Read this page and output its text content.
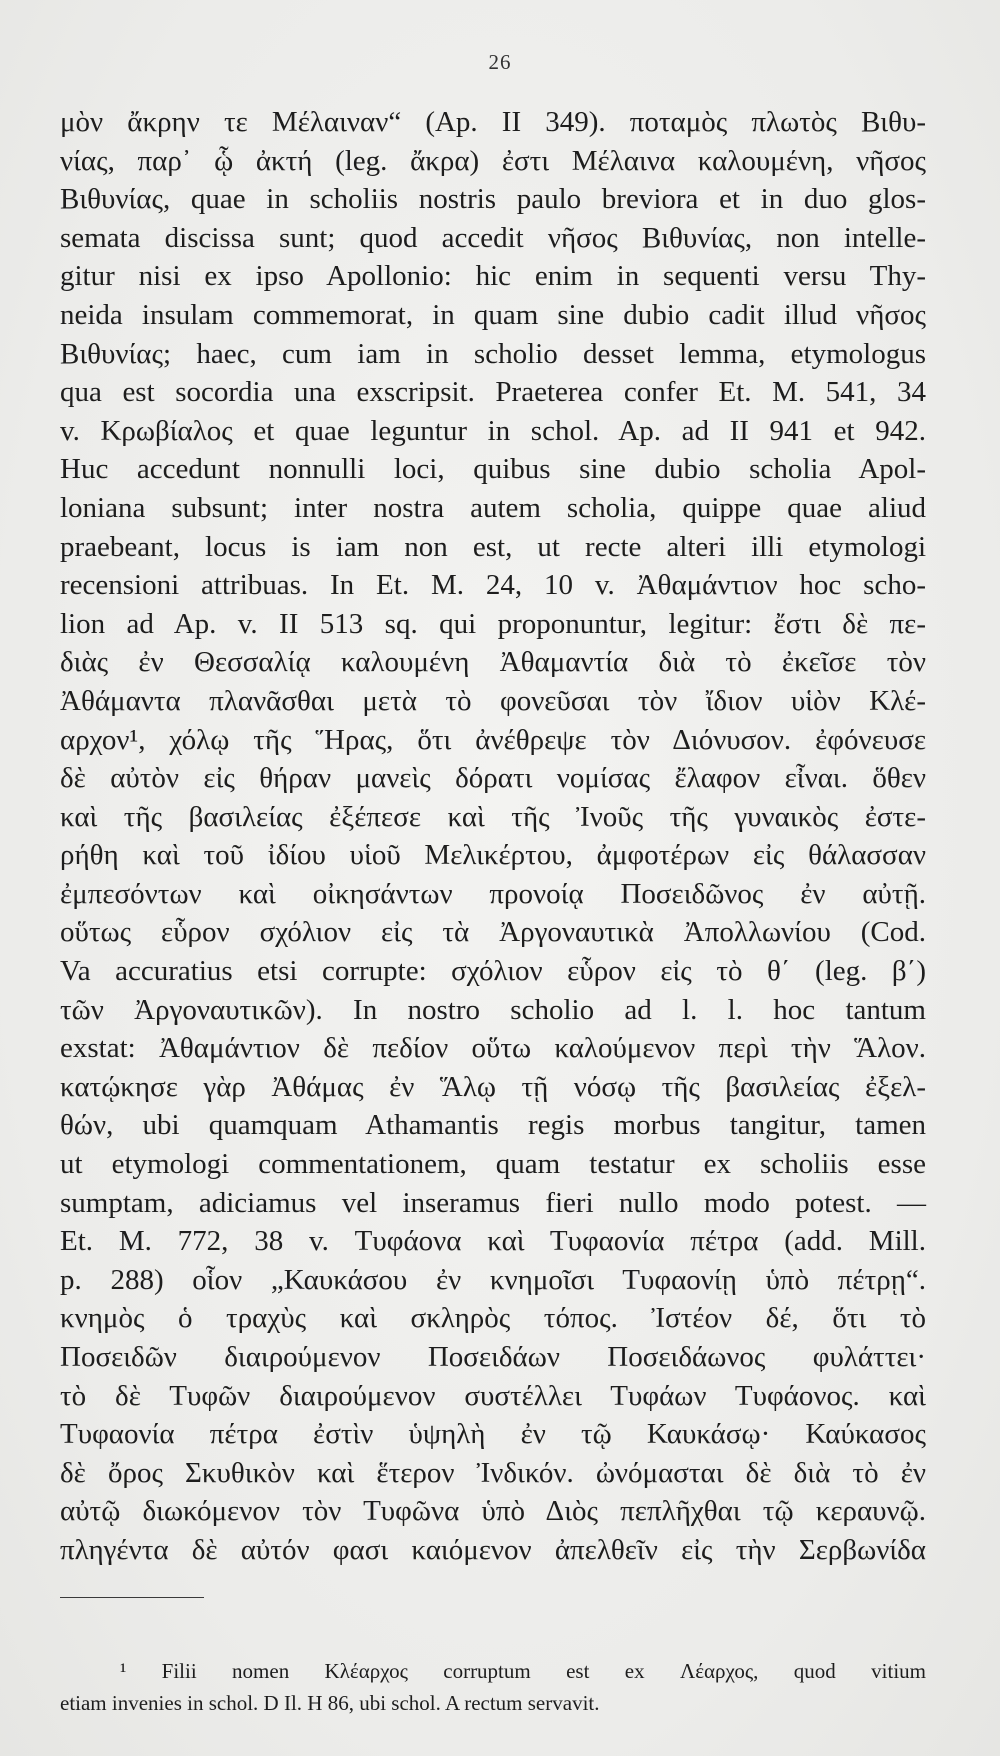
26
μὸν ἄκρην τε Μέλαιναν“ (Ap. II 349). ποταμὸς πλωτὸς Βιθυ-
νίας, παρ᾽ ᾧ ἀκτή (leg. ἄκρα) ἐστι Μέλαινα καλουμένη, νῆσος
Βιθυνίας, quae in scholiis nostris paulo breviora et in duo glos-
semata discissa sunt; quod accedit νῆσος Βιθυνίας, non intelle-
gitur nisi ex ipso Apollonio: hic enim in sequenti versu Thy-
neida insulam commemorat, in quam sine dubio cadit illud νῆσος
Βιθυνίας; haec, cum iam in scholio desset lemma, etymologus
qua est socordia una exscripsit. Praeterea confer Et. M. 541, 34
v. Κρωβίαλος et quae leguntur in schol. Ap. ad II 941 et 942.
Huc accedunt nonnulli loci, quibus sine dubio scholia Apol-
loniana subsunt; inter nostra autem scholia, quippe quae aliud
praebeant, locus is iam non est, ut recte alteri illi etymologi
recensioni attribuas. In Et. M. 24, 10 v. Ἀθαμάντιον hoc scho-
lion ad Ap. v. II 513 sq. qui proponuntur, legitur: ἔστι δὲ πε-
διὰς ἐν Θεσσαλίᾳ καλουμένη Ἀθαμαντία διὰ τὸ ἐκεῖσε τὸν
Ἀθάμαντα πλανᾶσθαι μετὰ τὸ φονεῦσαι τὸν ἴδιον υἱὸν Κλέ-
αρχον¹, χόλῳ τῆς Ἥρας, ὅτι ἀνέθρεψε τὸν Διόνυσον. ἐφόνευσε
δὲ αὐτὸν εἰς θήραν μανεὶς δόρατι νομίσας ἔλαφον εἶναι. ὅθεν
καὶ τῆς βασιλείας ἐξέπεσε καὶ τῆς Ἰνοῦς τῆς γυναικὸς ἐστε-
ρήθη καὶ τοῦ ἰδίου υἱοῦ Μελικέρτου, ἀμφοτέρων εἰς θάλασσαν
ἐμπεσόντων καὶ οἰκησάντων προνοίᾳ Ποσειδῶνος ἐν αὐτῇ.
οὕτως εὗρον σχόλιον εἰς τὰ Ἀργοναυτικὰ Ἀπολλωνίου (Cod.
Va accuratius etsi corrupte: σχόλιον εὗρον εἰς τὸ θ΄ (leg. β΄)
τῶν Ἀργοναυτικῶν). In nostro scholio ad l. l. hoc tantum
exstat: Ἀθαμάντιον δὲ πεδίον οὕτω καλούμενον περὶ τὴν Ἅλον.
κατῴκησε γὰρ Ἀθάμας ἐν Ἅλῳ τῇ νόσῳ τῆς βασιλείας ἐξελ-
θών, ubi quamquam Athamantis regis morbus tangitur, tamen
ut etymologi commentationem, quam testatur ex scholiis esse
sumptam, adiciamus vel inseramus fieri nullo modo potest. —
Et. M. 772, 38 v. Τυφάονα καὶ Τυφαονία πέτρα (add. Mill.
p. 288) οἷον „Καυκάσου ἐν κνημοῖσι Τυφαονίῃ ὑπὸ πέτρῃ“.
κνημὸς ὁ τραχὺς καὶ σκληρὸς τόπος. Ἰστέον δέ, ὅτι τὸ
Ποσειδῶν διαιρούμενον Ποσειδάων Ποσειδάωνος φυλάττει·
τὸ δὲ Τυφῶν διαιρούμενον συστέλλει Τυφάων Τυφάονος. καὶ
Τυφαονία πέτρα ἐστὶν ὑψηλὴ ἐν τῷ Καυκάσῳ· Καύκασος
δὲ ὄρος Σκυθικὸν καὶ ἕτερον Ἰνδικόν. ὠνόμασται δὲ διὰ τὸ ἐν
αὐτῷ διωκόμενον τὸν Τυφῶνα ὑπὸ Διὸς πεπλῆχθαι τῷ κεραυνῷ.
πληγέντα δὲ αὐτόν φασι καιόμενον ἀπελθεῖν εἰς τὴν Σερβωνίδα
¹ Filii nomen Κλέαρχος corruptum est ex Λέαρχος, quod vitium
etiam invenies in schol. D Il. H 86, ubi schol. A rectum servavit.
